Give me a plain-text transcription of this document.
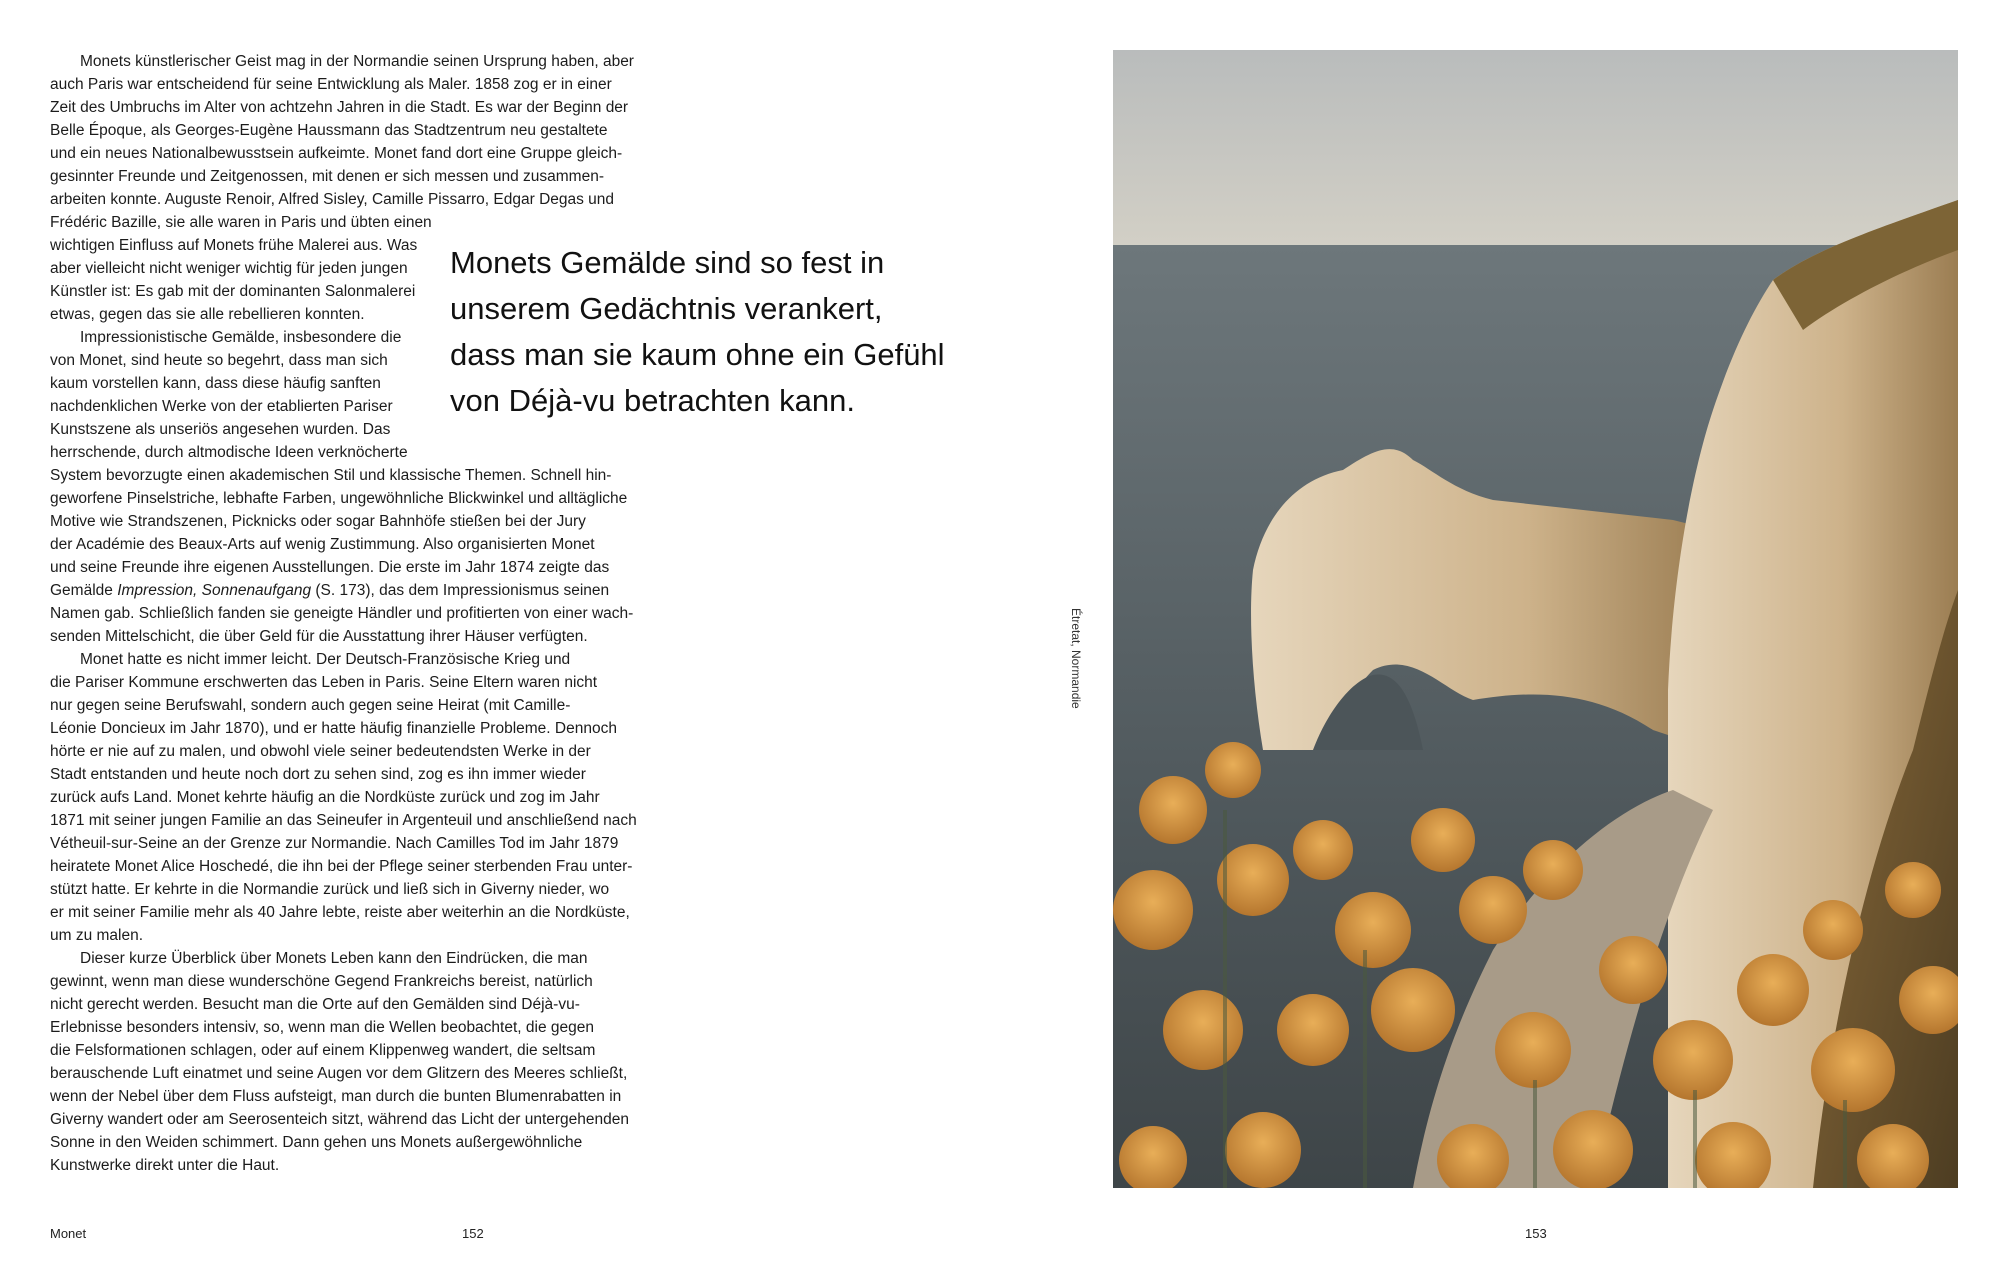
Monets künstlerischer Geist mag in der Normandie seinen Ursprung haben, aber
auch Paris war entscheidend für seine Entwicklung als Maler. 1858 zog er in einer
Zeit des Umbruchs im Alter von achtzehn Jahren in die Stadt. Es war der Beginn der
Belle Époque, als Georges-Eugène Haussmann das Stadtzentrum neu gestaltete
und ein neues Nationalbewusstsein aufkeimte. Monet fand dort eine Gruppe gleich-
gesinnter Freunde und Zeitgenossen, mit denen er sich messen und zusammen-
arbeiten konnte. Auguste Renoir, Alfred Sisley, Camille Pissarro, Edgar Degas und
Frédéric Bazille, sie alle waren in Paris und übten einen
wichtigen Einfluss auf Monets frühe Malerei aus. Was
aber vielleicht nicht weniger wichtig für jeden jungen
Künstler ist: Es gab mit der dominanten Salonmalerei
etwas, gegen das sie alle rebellieren konnten.
Impressionistische Gemälde, insbesondere die
von Monet, sind heute so begehrt, dass man sich
kaum vorstellen kann, dass diese häufig sanften
nachdenklichen Werke von der etablierten Pariser
Kunstszene als unseriös angesehen wurden. Das
herrschende, durch altmodische Ideen verknöcherte
System bevorzugte einen akademischen Stil und klassische Themen. Schnell hin-
geworfene Pinselstriche, lebhafte Farben, ungewöhnliche Blickwinkel und alltägliche
Motive wie Strandszenen, Picknicks oder sogar Bahnhöfe stießen bei der Jury
der Académie des Beaux-Arts auf wenig Zustimmung. Also organisierten Monet
und seine Freunde ihre eigenen Ausstellungen. Die erste im Jahr 1874 zeigte das
Gemälde Impression, Sonnenaufgang (S. 173), das dem Impressionismus seinen
Namen gab. Schließlich fanden sie geneigte Händler und profitierten von einer wach-
senden Mittelschicht, die über Geld für die Ausstattung ihrer Häuser verfügten.
Monet hatte es nicht immer leicht. Der Deutsch-Französische Krieg und
die Pariser Kommune erschwerten das Leben in Paris. Seine Eltern waren nicht
nur gegen seine Berufswahl, sondern auch gegen seine Heirat (mit Camille-
Léonie Doncieux im Jahr 1870), und er hatte häufig finanzielle Probleme. Dennoch
hörte er nie auf zu malen, und obwohl viele seiner bedeutendsten Werke in der
Stadt entstanden und heute noch dort zu sehen sind, zog es ihn immer wieder
zurück aufs Land. Monet kehrte häufig an die Nordküste zurück und zog im Jahr
1871 mit seiner jungen Familie an das Seineufer in Argenteuil und anschließend nach
Vétheuil-sur-Seine an der Grenze zur Normandie. Nach Camilles Tod im Jahr 1879
heiratete Monet Alice Hoschedé, die ihn bei der Pflege seiner sterbenden Frau unter-
stützt hatte. Er kehrte in die Normandie zurück und ließ sich in Giverny nieder, wo
er mit seiner Familie mehr als 40 Jahre lebte, reiste aber weiterhin an die Nordküste,
um zu malen.
Dieser kurze Überblick über Monets Leben kann den Eindrücken, die man
gewinnt, wenn man diese wunderschöne Gegend Frankreichs bereist, natürlich
nicht gerecht werden. Besucht man die Orte auf den Gemälden sind Déjà-vu-
Erlebnisse besonders intensiv, so, wenn man die Wellen beobachtet, die gegen
die Felsformationen schlagen, oder auf einem Klippenweg wandert, die seltsam
berauschende Luft einatmet und seine Augen vor dem Glitzern des Meeres schließt,
wenn der Nebel über dem Fluss aufsteigt, man durch die bunten Blumenrabatten in
Giverny wandert oder am Seerosenteich sitzt, während das Licht der untergehenden
Sonne in den Weiden schimmert. Dann gehen uns Monets außergewöhnliche
Kunstwerke direkt unter die Haut.
Monets Gemälde sind so fest in
unserem Gedächtnis verankert,
dass man sie kaum ohne ein Gefühl
von Déjà-vu betrachten kann.
Étretat, Normandie
Monet	152	153
